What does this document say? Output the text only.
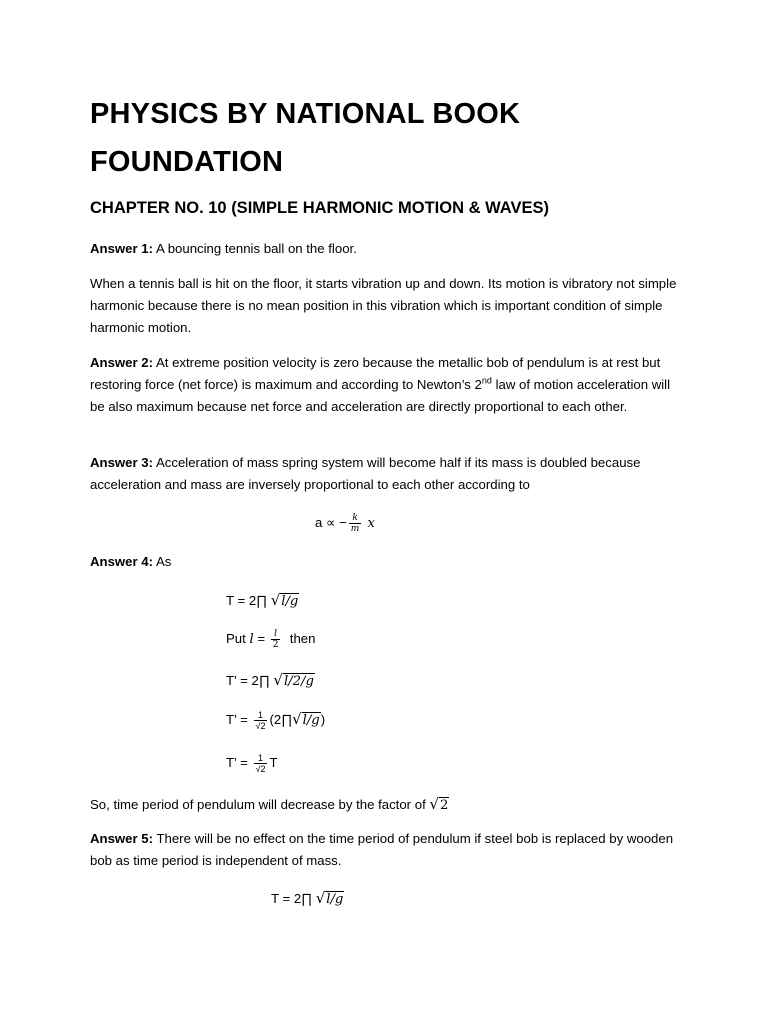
PHYSICS BY NATIONAL BOOK FOUNDATION
CHAPTER NO. 10 (SIMPLE HARMONIC MOTION & WAVES)
Answer 1: A bouncing tennis ball on the floor.
When a tennis ball is hit on the floor, it starts vibration up and down. Its motion is vibratory not simple harmonic because there is no mean position in this vibration which is important condition of simple harmonic motion.
Answer 2: At extreme position velocity is zero because the metallic bob of pendulum is at rest but restoring force (net force) is maximum and according to Newton’s 2nd law of motion acceleration will be also maximum because net force and acceleration are directly proportional to each other.
Answer 3: Acceleration of mass spring system will become half if its mass is doubled because acceleration and mass are inversely proportional to each other according to
a ∝ − $\frac{k}{m}$ x
Answer 4: As
T = 2∏ √l/g
Put $l = \frac{l}{2}$ then
T’ = 2∏ √l/2/g
T’ = $\frac{1}{√2}$ (2∏√l/g)
T’ = $\frac{1}{√2}$ T
So, time period of pendulum will decrease by the factor of √2
Answer 5: There will be no effect on the time period of pendulum if steel bob is replaced by wooden bob as time period is independent of mass.
T = 2∏ √l/g
